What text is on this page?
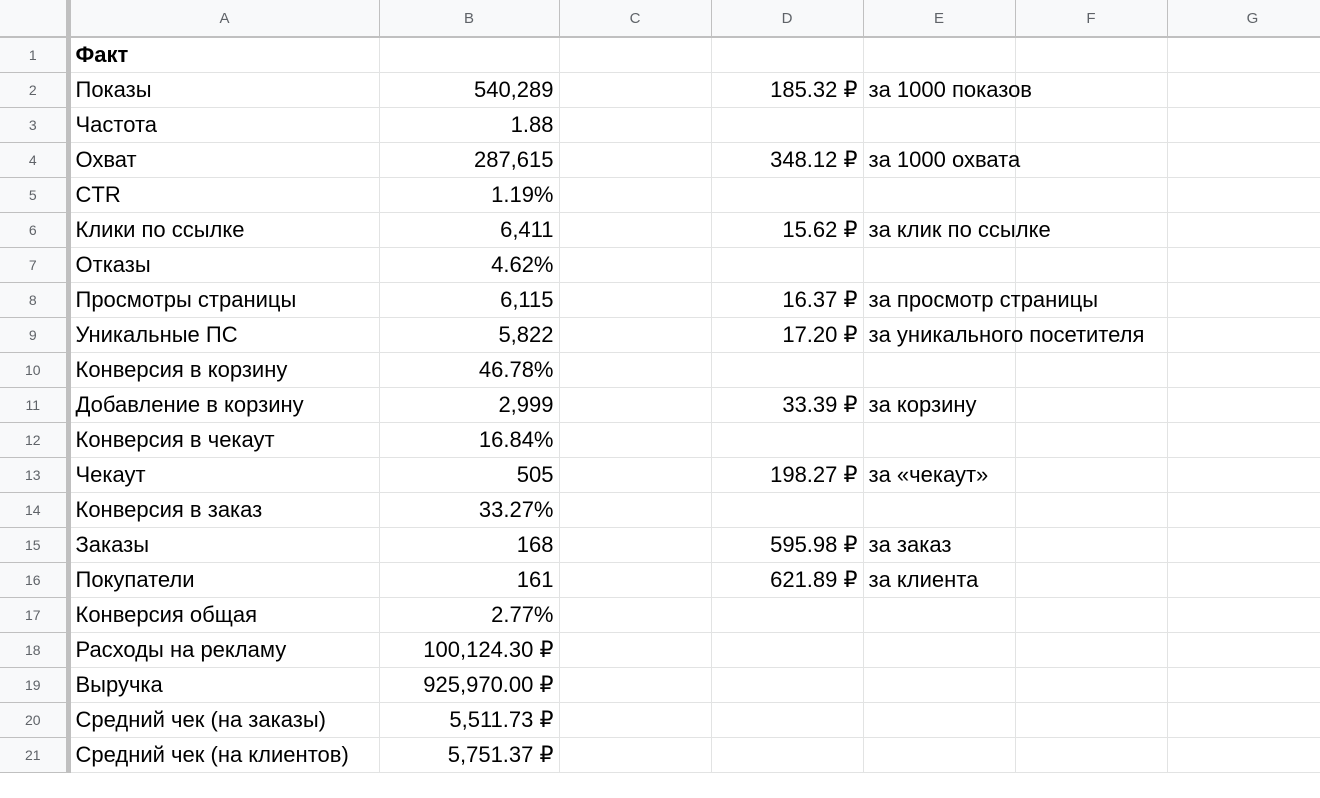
	A	B	C	D	E	F	G
1	Факт				

2	Показы	540,289		185.32 ₽	за 1000 показов		

3	Частота	1.88			

4	Охват	287,615		348.12 ₽	за 1000 охвата		

5	CTR	1.19%			

6	Клики по ссылке	6,411		15.62 ₽	за клик по ссылке		

7	Отказы	4.62%			

8	Просмотры страницы	6,115		16.37 ₽	за просмотр страницы		

9	Уникальные ПС	5,822		17.20 ₽	за уникального посетителя		

10	Конверсия в корзину	46.78%			

11	Добавление в корзину	2,999		33.39 ₽	за корзину		

12	Конверсия в чекаут	16.84%			

13	Чекаут	505		198.27 ₽	за «чекаут»		

14	Конверсия в заказ	33.27%			

15	Заказы	168		595.98 ₽	за заказ		

16	Покупатели	161		621.89 ₽	за клиента		

17	Конверсия общая	2.77%			

18	Расходы на рекламу	100,124.30 ₽			

19	Выручка	925,970.00 ₽			

20	Средний чек (на заказы)	5,511.73 ₽			

21	Средний чек (на клиентов)	5,751.37 ₽			
